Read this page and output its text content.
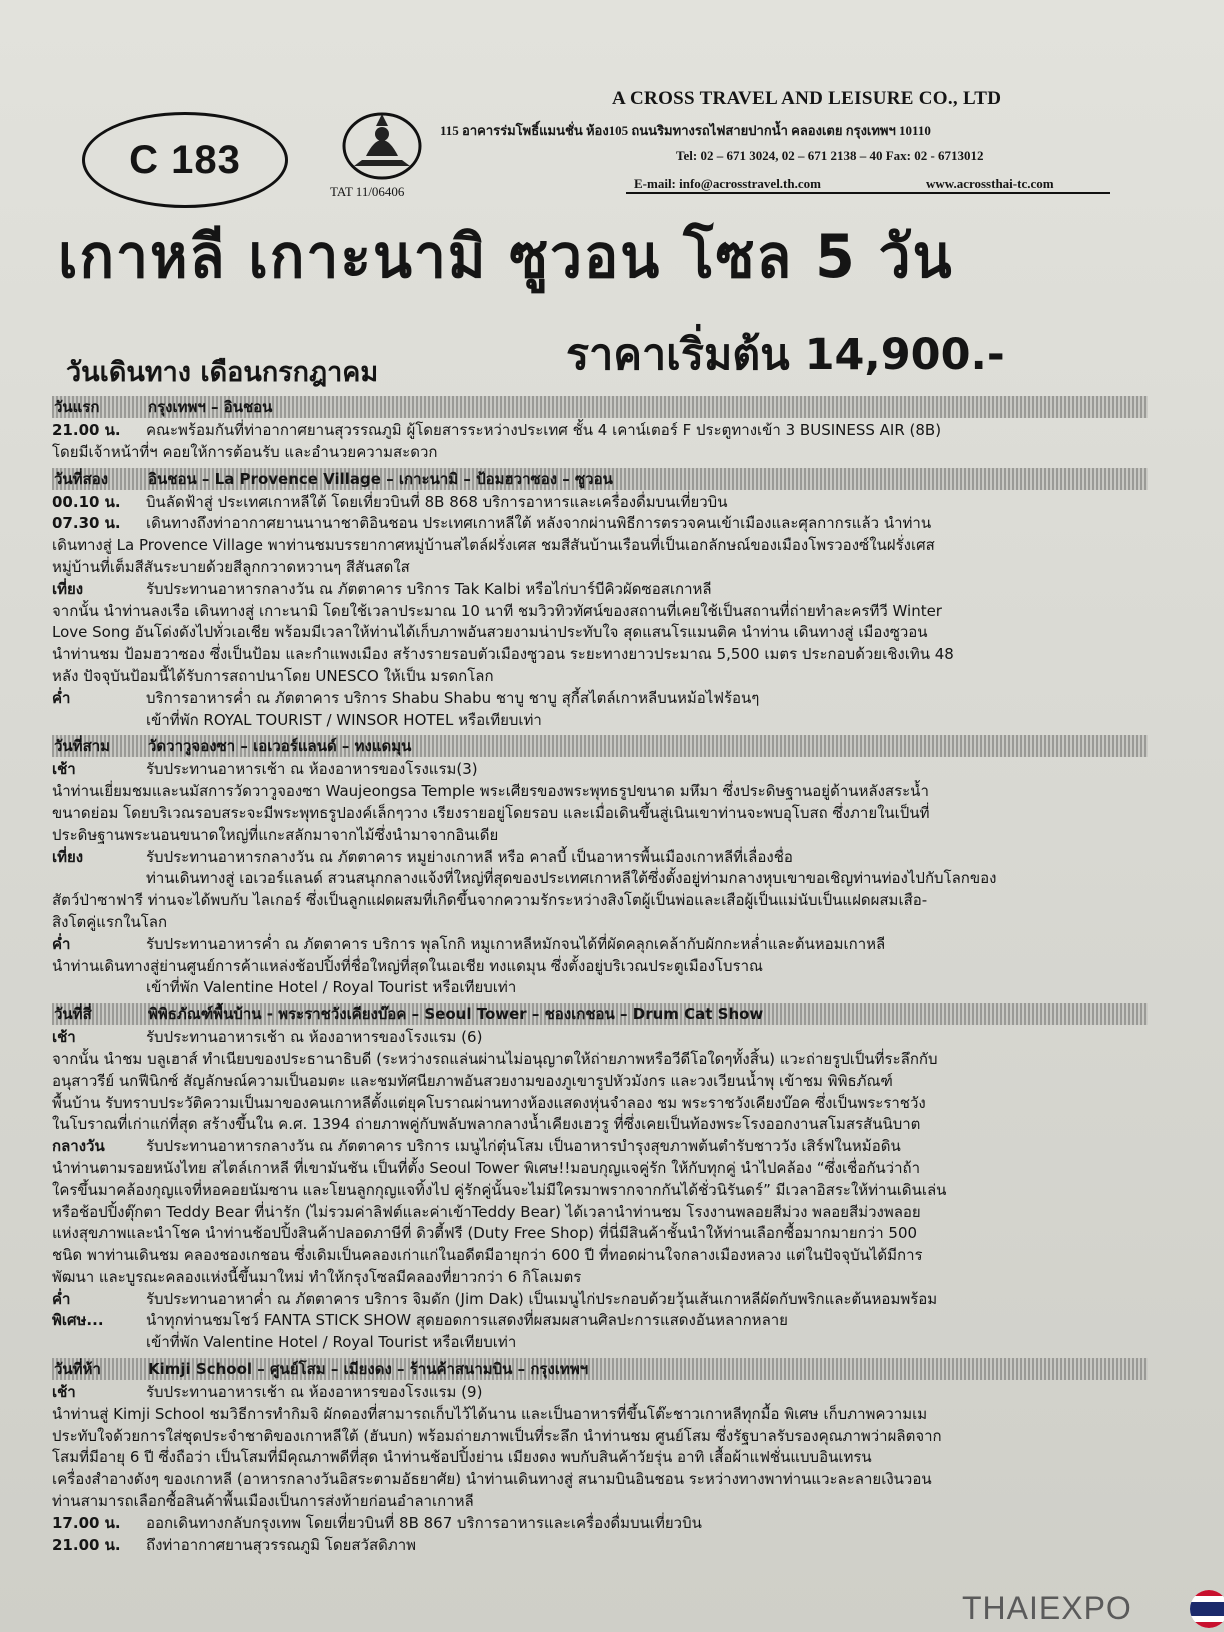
C 183
TAT 11/06406
A CROSS TRAVEL AND LEISURE CO., LTD
115 อาคารร่มโพธิ์แมนชั่น ห้อง105 ถนนริมทางรถไฟสายปากน้ำ คลองเตย กรุงเทพฯ 10110
Tel: 02 – 671 3024, 02 – 671 2138 – 40 Fax: 02 - 6713012
E-mail: info@acrosstravel.th.com	www.acrossthai-tc.com
เกาหลี เกาะนามิ ซูวอน โซล 5 วัน
วันเดินทาง เดือนกรกฎาคม	ราคาเริ่มต้น 14,900.-
วันแรก	กรุงเทพฯ – อินชอน
21.00 น. คณะพร้อมกันที่ท่าอากาศยานสุวรรณภูมิ ผู้โดยสารระหว่างประเทศ ชั้น 4 เคาน์เตอร์ F ประตูทางเข้า 3 BUSINESS AIR (8B)
โดยมีเจ้าหน้าที่ฯ คอยให้การต้อนรับ และอำนวยความสะดวก
วันที่สอง	อินชอน – La Provence Village – เกาะนามิ – ป้อมฮวาซอง – ซูวอน
00.10 น. บินลัดฟ้าสู่ ประเทศเกาหลีใต้ โดยเที่ยวบินที่ 8B 868 บริการอาหารและเครื่องดื่มบนเที่ยวบิน
07.30 น. เดินทางถึงท่าอากาศยานนานาชาติอินชอน ประเทศเกาหลีใต้ หลังจากผ่านพิธีการตรวจคนเข้าเมืองและศุลกากรแล้ว นำท่าน
เดินทางสู่ La Provence Village พาท่านชมบรรยากาศหมู่บ้านสไตล์ฝรั่งเศส ชมสีสันบ้านเรือนที่เป็นเอกลักษณ์ของเมืองโพรวองซ์ในฝรั่งเศส
หมู่บ้านที่เต็มสีสันระบายด้วยสีลูกกวาดหวานๆ สีสันสดใส
เที่ยง	รับประทานอาหารกลางวัน ณ ภัตตาคาร บริการ Tak Kalbi หรือไก่บาร์บีคิวผัดซอสเกาหลี
จากนั้น นำท่านลงเรือ เดินทางสู่ เกาะนามิ โดยใช้เวลาประมาณ 10 นาที ชมวิวทิวทัศน์ของสถานที่เคยใช้เป็นสถานที่ถ่ายทำละครทีวี Winter
Love Song อันโด่งดังไปทั่วเอเชีย พร้อมมีเวลาให้ท่านได้เก็บภาพอันสวยงามน่าประทับใจ สุดแสนโรแมนติค นำท่าน เดินทางสู่ เมืองซูวอน
นำท่านชม ป้อมฮวาซอง ซึ่งเป็นป้อม และกำแพงเมือง สร้างรายรอบตัวเมืองซูวอน ระยะทางยาวประมาณ 5,500 เมตร ประกอบด้วยเชิงเทิน 48
หลัง ปัจจุบันป้อมนี้ได้รับการสถาปนาโดย UNESCO ให้เป็น มรดกโลก
ค่ำ	บริการอาหารค่ำ ณ ภัตตาคาร บริการ Shabu Shabu ชาบู ชาบู สุกี้สไตล์เกาหลีบนหม้อไฟร้อนๆ
เข้าที่พัก ROYAL TOURIST / WINSOR HOTEL หรือเทียบเท่า
วันที่สาม	วัดวาวูจองซา – เอเวอร์แลนด์ – ทงแดมุน
เช้า	รับประทานอาหารเช้า ณ ห้องอาหารของโรงแรม(3)
นำท่านเยี่ยมชมและนมัสการวัดวาวูจองซา Waujeongsa Temple พระเศียรของพระพุทธรูปขนาด มหึมา ซึ่งประดิษฐานอยู่ด้านหลังสระน้ำ
ขนาดย่อม โดยบริเวณรอบสระจะมีพระพุทธรูปองค์เล็กๆวาง เรียงรายอยู่โดยรอบ และเมื่อเดินขึ้นสู่เนินเขาท่านจะพบอุโบสถ ซึ่งภายในเป็นที่
ประดิษฐานพระนอนขนาดใหญ่ที่แกะสลักมาจากไม้ซึ่งนำมาจากอินเดีย
เที่ยง	รับประทานอาหารกลางวัน ณ ภัตตาคาร หมูย่างเกาหลี หรือ คาลบี้ เป็นอาหารพื้นเมืองเกาหลีที่เลื่องชื่อ
ท่านเดินทางสู่ เอเวอร์แลนด์ สวนสนุกกลางแจ้งที่ใหญ่ที่สุดของประเทศเกาหลีใต้ซึ่งตั้งอยู่ท่ามกลางหุบเขาขอเชิญท่านท่องไปกับโลกของ
สัตว์ป่าซาฟารี ท่านจะได้พบกับ ไลเกอร์ ซึ่งเป็นลูกแฝดผสมที่เกิดขึ้นจากความรักระหว่างสิงโตผู้เป็นพ่อและเสือผู้เป็นแม่นับเป็นแฝดผสมเสือ-
สิงโตคู่แรกในโลก
ค่ำ	รับประทานอาหารค่ำ ณ ภัตตาคาร บริการ พุลโกกิ หมูเกาหลีหมักจนได้ที่ผัดคลุกเคล้ากับผักกะหล่ำและต้นหอมเกาหลี
นำท่านเดินทางสู่ย่านศูนย์การค้าแหล่งช้อปปิ้งที่ชื่อใหญ่ที่สุดในเอเชีย ทงแดมุน ซึ่งตั้งอยู่บริเวณประตูเมืองโบราณ
เข้าที่พัก Valentine Hotel / Royal Tourist หรือเทียบเท่า
วันที่สี่	พิพิธภัณฑ์พื้นบ้าน - พระราชวังเคียงบ๊อค – Seoul Tower – ชองเกชอน – Drum Cat Show
เช้า	รับประทานอาหารเช้า ณ ห้องอาหารของโรงแรม (6)
จากนั้น นำชม บลูเฮาส์ ทำเนียบของประธานาธิบดี (ระหว่างรถแล่นผ่านไม่อนุญาตให้ถ่ายภาพหรือวีดีโอใดๆทั้งสิ้น) แวะถ่ายรูปเป็นที่ระลึกกับ
อนุสาวรีย์ นกฟีนิกซ์ สัญลักษณ์ความเป็นอมตะ และชมทัศนียภาพอันสวยงามของภูเขารูปหัวมังกร และวงเวียนน้ำพุ เข้าชม พิพิธภัณฑ์
พื้นบ้าน รับทราบประวัติความเป็นมาของคนเกาหลีตั้งแต่ยุคโบราณผ่านทางห้องแสดงหุ่นจำลอง ชม พระราชวังเคียงบ๊อค ซึ่งเป็นพระราชวัง
ในโบราณที่เก่าแก่ที่สุด สร้างขึ้นใน ค.ศ. 1394 ถ่ายภาพคู่กับพลับพลากลางน้ำเคียงเฮวรู ที่ซึ่งเคยเป็นท้องพระโรงออกงานสโมสรสันนิบาต
กลางวัน	รับประทานอาหารกลางวัน ณ ภัตตาคาร บริการ เมนูไก่ตุ๋นโสม เป็นอาหารบำรุงสุขภาพต้นตำรับชาววัง เสิร์ฟในหม้อดิน
นำท่านตามรอยหนังไทย สไตล์เกาหลี ที่เขามันชัน เป็นที่ตั้ง Seoul Tower พิเศษ!!มอบกุญแจคู่รัก ให้กับทุกคู่ นำไปคล้อง “ซึ่งเชื่อกันว่าถ้า
ใครขึ้นมาคล้องกุญแจที่หอคอยนัมซาน และโยนลูกกุญแจทิ้งไป คู่รักคู่นั้นจะไม่มีใครมาพรากจากกันได้ชั่วนิรันดร์” มีเวลาอิสระให้ท่านเดินเล่น
หรือช้อปปิ้งตุ๊กตา Teddy Bear ที่น่ารัก (ไม่รวมค่าลิฟต์และค่าเข้าTeddy Bear) ได้เวลานำท่านชม โรงงานพลอยสีม่วง พลอยสีม่วงพลอย
แห่งสุขภาพและนำโชค นำท่านช้อปปิ้งสินค้าปลอดภาษีที่ ดิวตี้ฟรี (Duty Free Shop) ที่นี่มีสินค้าชั้นนำให้ท่านเลือกซื้อมากมายกว่า 500
ชนิด พาท่านเดินชม คลองชองเกชอน ซึ่งเดิมเป็นคลองเก่าแก่ในอดีตมีอายุกว่า 600 ปี ที่ทอดผ่านใจกลางเมืองหลวง แต่ในปัจจุบันได้มีการ
พัฒนา และบูรณะคลองแห่งนี้ขึ้นมาใหม่ ทำให้กรุงโซลมีคลองที่ยาวกว่า 6 กิโลเมตร
ค่ำ	รับประทานอาหาค่ำ ณ ภัตตาคาร บริการ จิมดัก (Jim Dak) เป็นเมนูไก่ประกอบด้วยวุ้นเส้นเกาหลีผัดกับพริกและต้นหอมพร้อม
พิเศษ...	นำทุกท่านชมโชว์ FANTA STICK SHOW สุดยอดการแสดงที่ผสมผสานศิลปะการแสดงอันหลากหลาย
เข้าที่พัก Valentine Hotel / Royal Tourist หรือเทียบเท่า
วันที่ห้า	Kimji School – ศูนย์โสม – เมียงดง – ร้านค้าสนามบิน – กรุงเทพฯ
เช้า	รับประทานอาหารเช้า ณ ห้องอาหารของโรงแรม (9)
นำท่านสู่ Kimji School ชมวิธีการทำกิมจิ ผักดองที่สามารถเก็บไว้ได้นาน และเป็นอาหารที่ขึ้นโต๊ะชาวเกาหลีทุกมื้อ พิเศษ เก็บภาพความเม
ประทับใจด้วยการใส่ชุดประจำชาติของเกาหลีใต้ (ฮันบก) พร้อมถ่ายภาพเป็นที่ระลึก นำท่านชม ศูนย์โสม ซึ่งรัฐบาลรับรองคุณภาพว่าผลิตจาก
โสมที่มีอายุ 6 ปี ซึ่งถือว่า เป็นโสมที่มีคุณภาพดีที่สุด นำท่านช้อปปิ้งย่าน เมียงดง พบกับสินค้าวัยรุ่น อาทิ เสื้อผ้าแฟชั่นแบบอินเทรน
เครื่องสำอางดังๆ ของเกาหลี (อาหารกลางวันอิสระตามอัธยาศัย) นำท่านเดินทางสู่ สนามบินอินชอน ระหว่างทางพาท่านแวะละลายเงินวอน
ท่านสามารถเลือกซื้อสินค้าพื้นเมืองเป็นการส่งท้ายก่อนอำลาเกาหลี
17.00 น. ออกเดินทางกลับกรุงเทพ โดยเที่ยวบินที่ 8B 867 บริการอาหารและเครื่องดื่มบนเที่ยวบิน
21.00 น. ถึงท่าอากาศยานสุวรรณภูมิ โดยสวัสดิภาพ
THAIEXPO
